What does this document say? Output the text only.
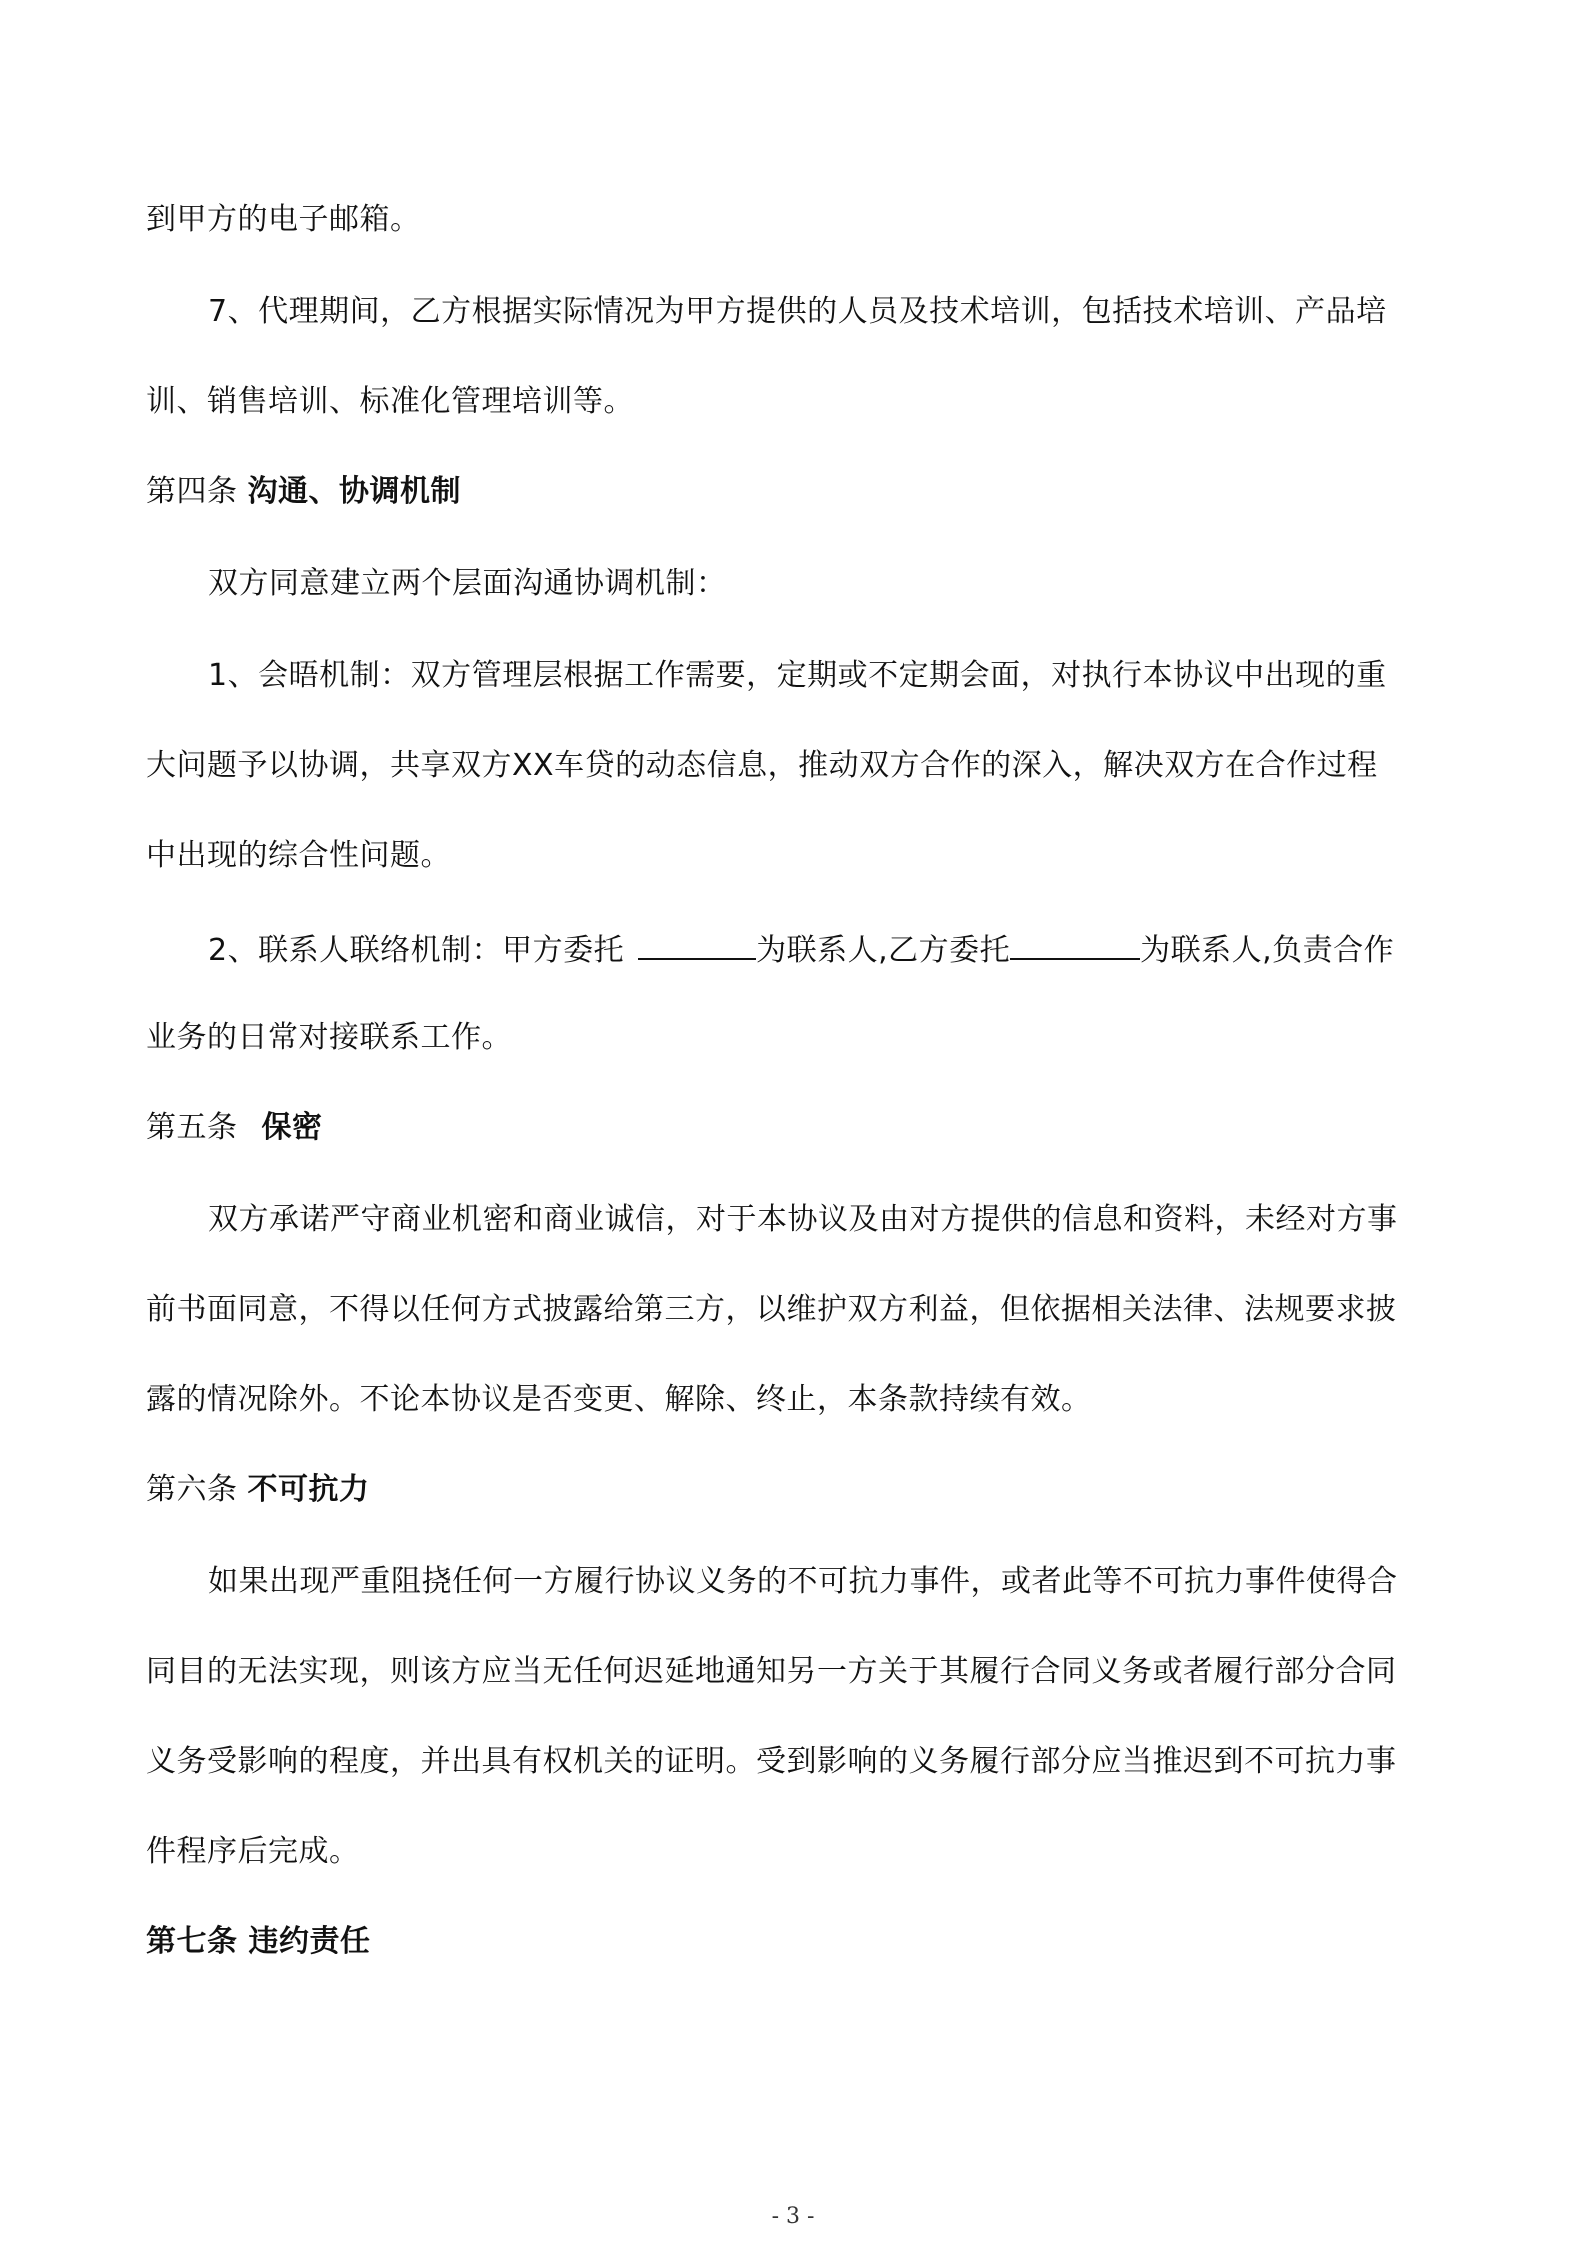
到甲方的电子邮箱。
7、代理期间，乙方根据实际情况为甲方提供的人员及技术培训，包括技术培训、产品培
训、销售培训、标准化管理培训等。
第四条 沟通、协调机制
双方同意建立两个层面沟通协调机制：
1、会晤机制：双方管理层根据工作需要，定期或不定期会面，对执行本协议中出现的重
大问题予以协调，共享双方XX车贷的动态信息，推动双方合作的深入，解决双方在合作过程
中出现的综合性问题。
2、联系人联络机制：甲方委托	为联系人,乙方委托	为联系人,负责合作
业务的日常对接联系工作。
第五条 保密
双方承诺严守商业机密和商业诚信，对于本协议及由对方提供的信息和资料，未经对方事
前书面同意，不得以任何方式披露给第三方，以维护双方利益，但依据相关法律、法规要求披
露的情况除外。不论本协议是否变更、解除、终止，本条款持续有效。
第六条 不可抗力
如果出现严重阻挠任何一方履行协议义务的不可抗力事件，或者此等不可抗力事件使得合
同目的无法实现，则该方应当无任何迟延地通知另一方关于其履行合同义务或者履行部分合同
义务受影响的程度，并出具有权机关的证明。受到影响的义务履行部分应当推迟到不可抗力事
件程序后完成。
第七条 违约责任
- 3 -
